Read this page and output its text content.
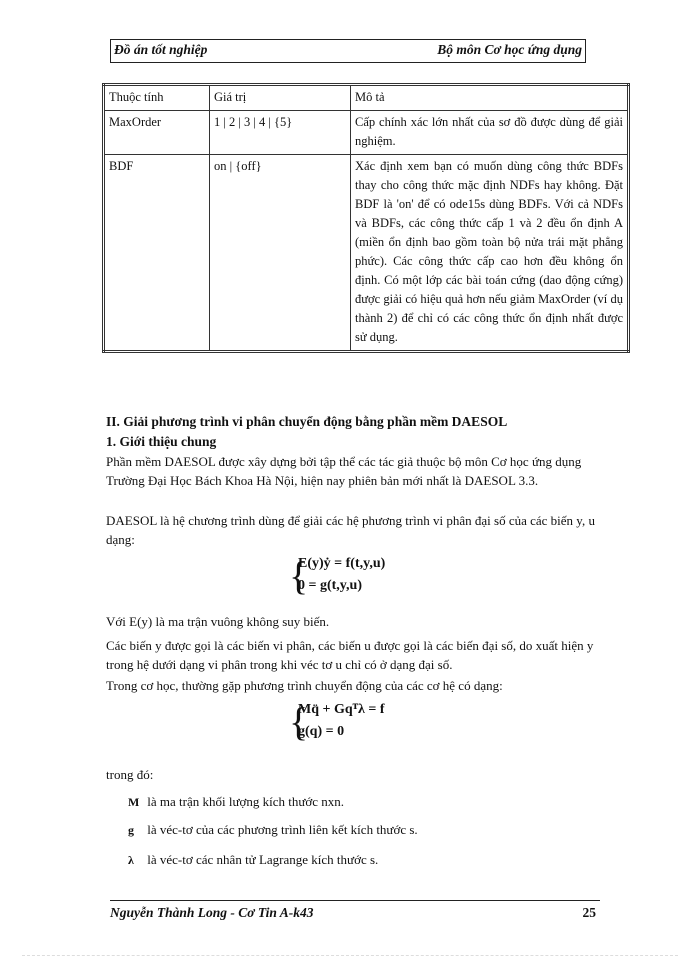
Đồ án tốt nghiệp	Bộ môn Cơ học ứng dụng
Thuộc tính	Giá trị	Mô tả
MaxOrder	1 | 2 | 3 | 4 | {5}	Cấp chính xác lớn nhất của sơ đồ được dùng để giải nghiệm.
BDF	on | {off}	Xác định xem bạn có muốn dùng công thức BDFs thay cho công thức mặc định NDFs hay không. Đặt BDF là 'on' để có ode15s dùng BDFs. Với cả NDFs và BDFs, các công thức cấp 1 và 2 đều ổn định A (miền ổn định bao gồm toàn bộ nửa trái mặt phẳng phức). Các công thức cấp cao hơn đều không ổn định. Có một lớp các bài toán cứng (dao động cứng) được giải có hiệu quả hơn nếu giảm MaxOrder (ví dụ thành 2) để chỉ có các công thức ổn định nhất được sử dụng.
II. Giải phương trình vi phân chuyển động bằng phần mềm DAESOL
1. Giới thiệu chung
Phần mềm DAESOL được xây dựng bởi tập thể các tác giả thuộc bộ môn Cơ học ứng dụng Trường Đại Học Bách Khoa Hà Nội, hiện nay phiên bản mới nhất là DAESOL 3.3.
DAESOL là hệ chương trình dùng để giải các hệ phương trình vi phân đại số của các biến y, u dạng:
{
E(y)ẏ = f(t,y,u)
0 = g(t,y,u)
Với E(y) là ma trận vuông không suy biến.
Các biến y được gọi là các biến vi phân, các biến u được gọi là các biến đại số, do xuất hiện y trong hệ dưới dạng vi phân trong khi véc tơ u chỉ có ở dạng đại số.
Trong cơ học, thường gặp phương trình chuyển động của các cơ hệ có dạng:
{
Mq̈ + Gqᵀλ = f
g(q) = 0
trong đó:
M là ma trận khối lượng kích thước nxn.
g là véc-tơ của các phương trình liên kết kích thước s.
λ là véc-tơ các nhân tử Lagrange kích thước s.
Nguyễn Thành Long - Cơ Tin A-k43	25
